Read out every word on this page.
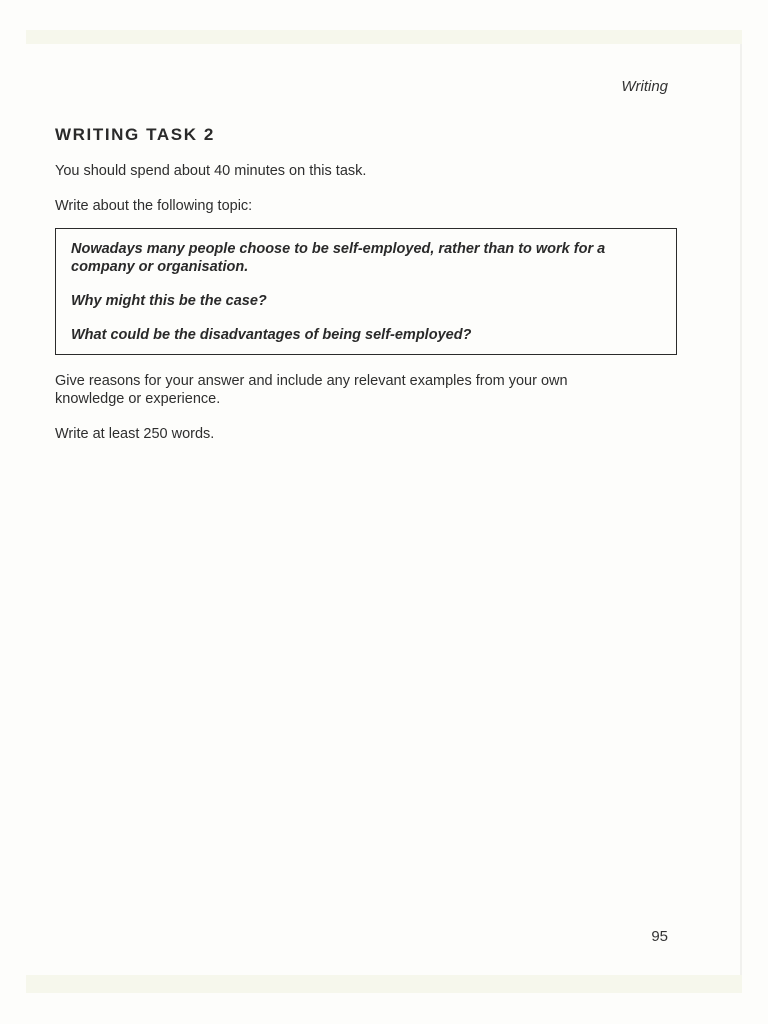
Writing
WRITING TASK 2
You should spend about 40 minutes on this task.
Write about the following topic:

Nowadays many people choose to be self-employed, rather than to work for a company or organisation.

Why might this be the case?

What could be the disadvantages of being self-employed?

Give reasons for your answer and include any relevant examples from your own knowledge or experience.
Write at least 250 words.
95
